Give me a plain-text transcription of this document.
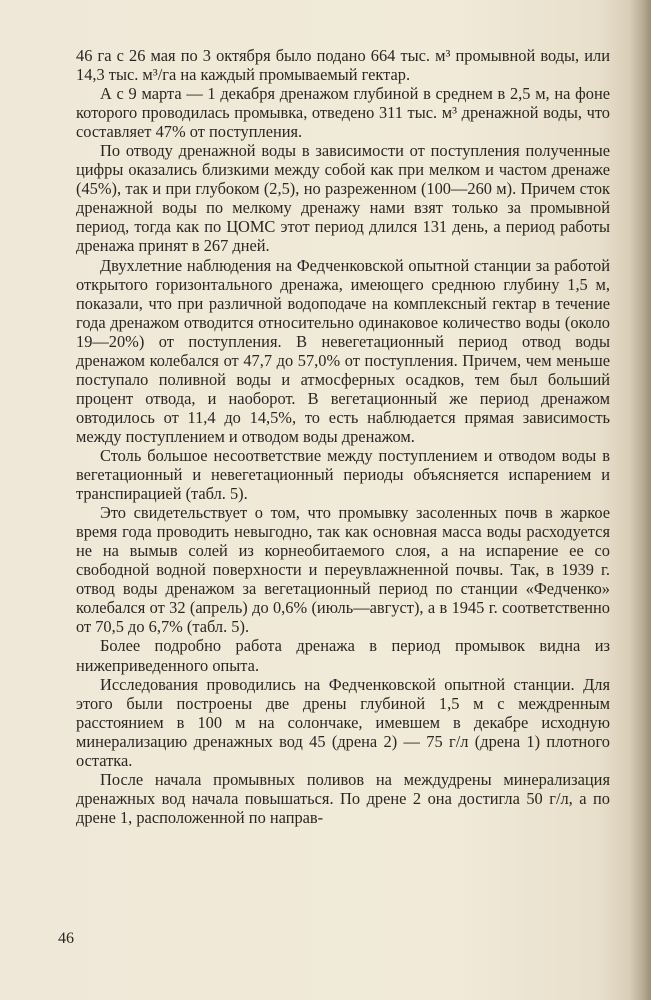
46 га с 26 мая по 3 октября было подано 664 тыс. м³ промывной воды, или 14,3 тыс. м³/га на каждый промываемый гектар.

А с 9 марта — 1 декабря дренажом глубиной в среднем в 2,5 м, на фоне которого проводилась промывка, отведено 311 тыс. м³ дренажной воды, что составляет 47% от поступления.

По отводу дренажной воды в зависимости от поступления полученные цифры оказались близкими между собой как при мелком и частом дренаже (45%), так и при глубоком (2,5), но разреженном (100—260 м). Причем сток дренажной воды по мелкому дренажу нами взят только за промывной период, тогда как по ЦОМС этот период длился 131 день, а период работы дренажа принят в 267 дней.

Двухлетние наблюдения на Федченковской опытной станции за работой открытого горизонтального дренажа, имеющего среднюю глубину 1,5 м, показали, что при различной водоподаче на комплексный гектар в течение года дренажом отводится относительно одинаковое количество воды (около 19—20%) от поступления. В невегетационный период отвод воды дренажом колебался от 47,7 до 57,0% от поступления. Причем, чем меньше поступало поливной воды и атмосферных осадков, тем был больший процент отвода, и наоборот. В вегетационный же период дренажом овтодилось от 11,4 до 14,5%, то есть наблюдается прямая зависимость между поступлением и отводом воды дренажом.

Столь большое несоответствие между поступлением и отводом воды в вегетационный и невегетационный периоды объясняется испарением и транспирацией (табл. 5).

Это свидетельствует о том, что промывку засоленных почв в жаркое время года проводить невыгодно, так как основная масса воды расходуется не на вымыв солей из корнеобитаемого слоя, а на испарение ее со свободной водной поверхности и переувлажненной почвы. Так, в 1939 г. отвод воды дренажом за вегетационный период по станции «Федченко» колебался от 32 (апрель) до 0,6% (июль—август), а в 1945 г. соответственно от 70,5 до 6,7% (табл. 5).

Более подробно работа дренажа в период промывок видна из нижеприведенного опыта.

Исследования проводились на Федченковской опытной станции. Для этого были построены две дрены глубиной 1,5 м с междренным расстоянием в 100 м на солончаке, имевшем в декабре исходную минерализацию дренажных вод 45 (дрена 2) — 75 г/л (дрена 1) плотного остатка.

После начала промывных поливов на междудрены минерализация дренажных вод начала повышаться. По дрене 2 она достигла 50 г/л, а по дрене 1, расположенной по направ-

46
